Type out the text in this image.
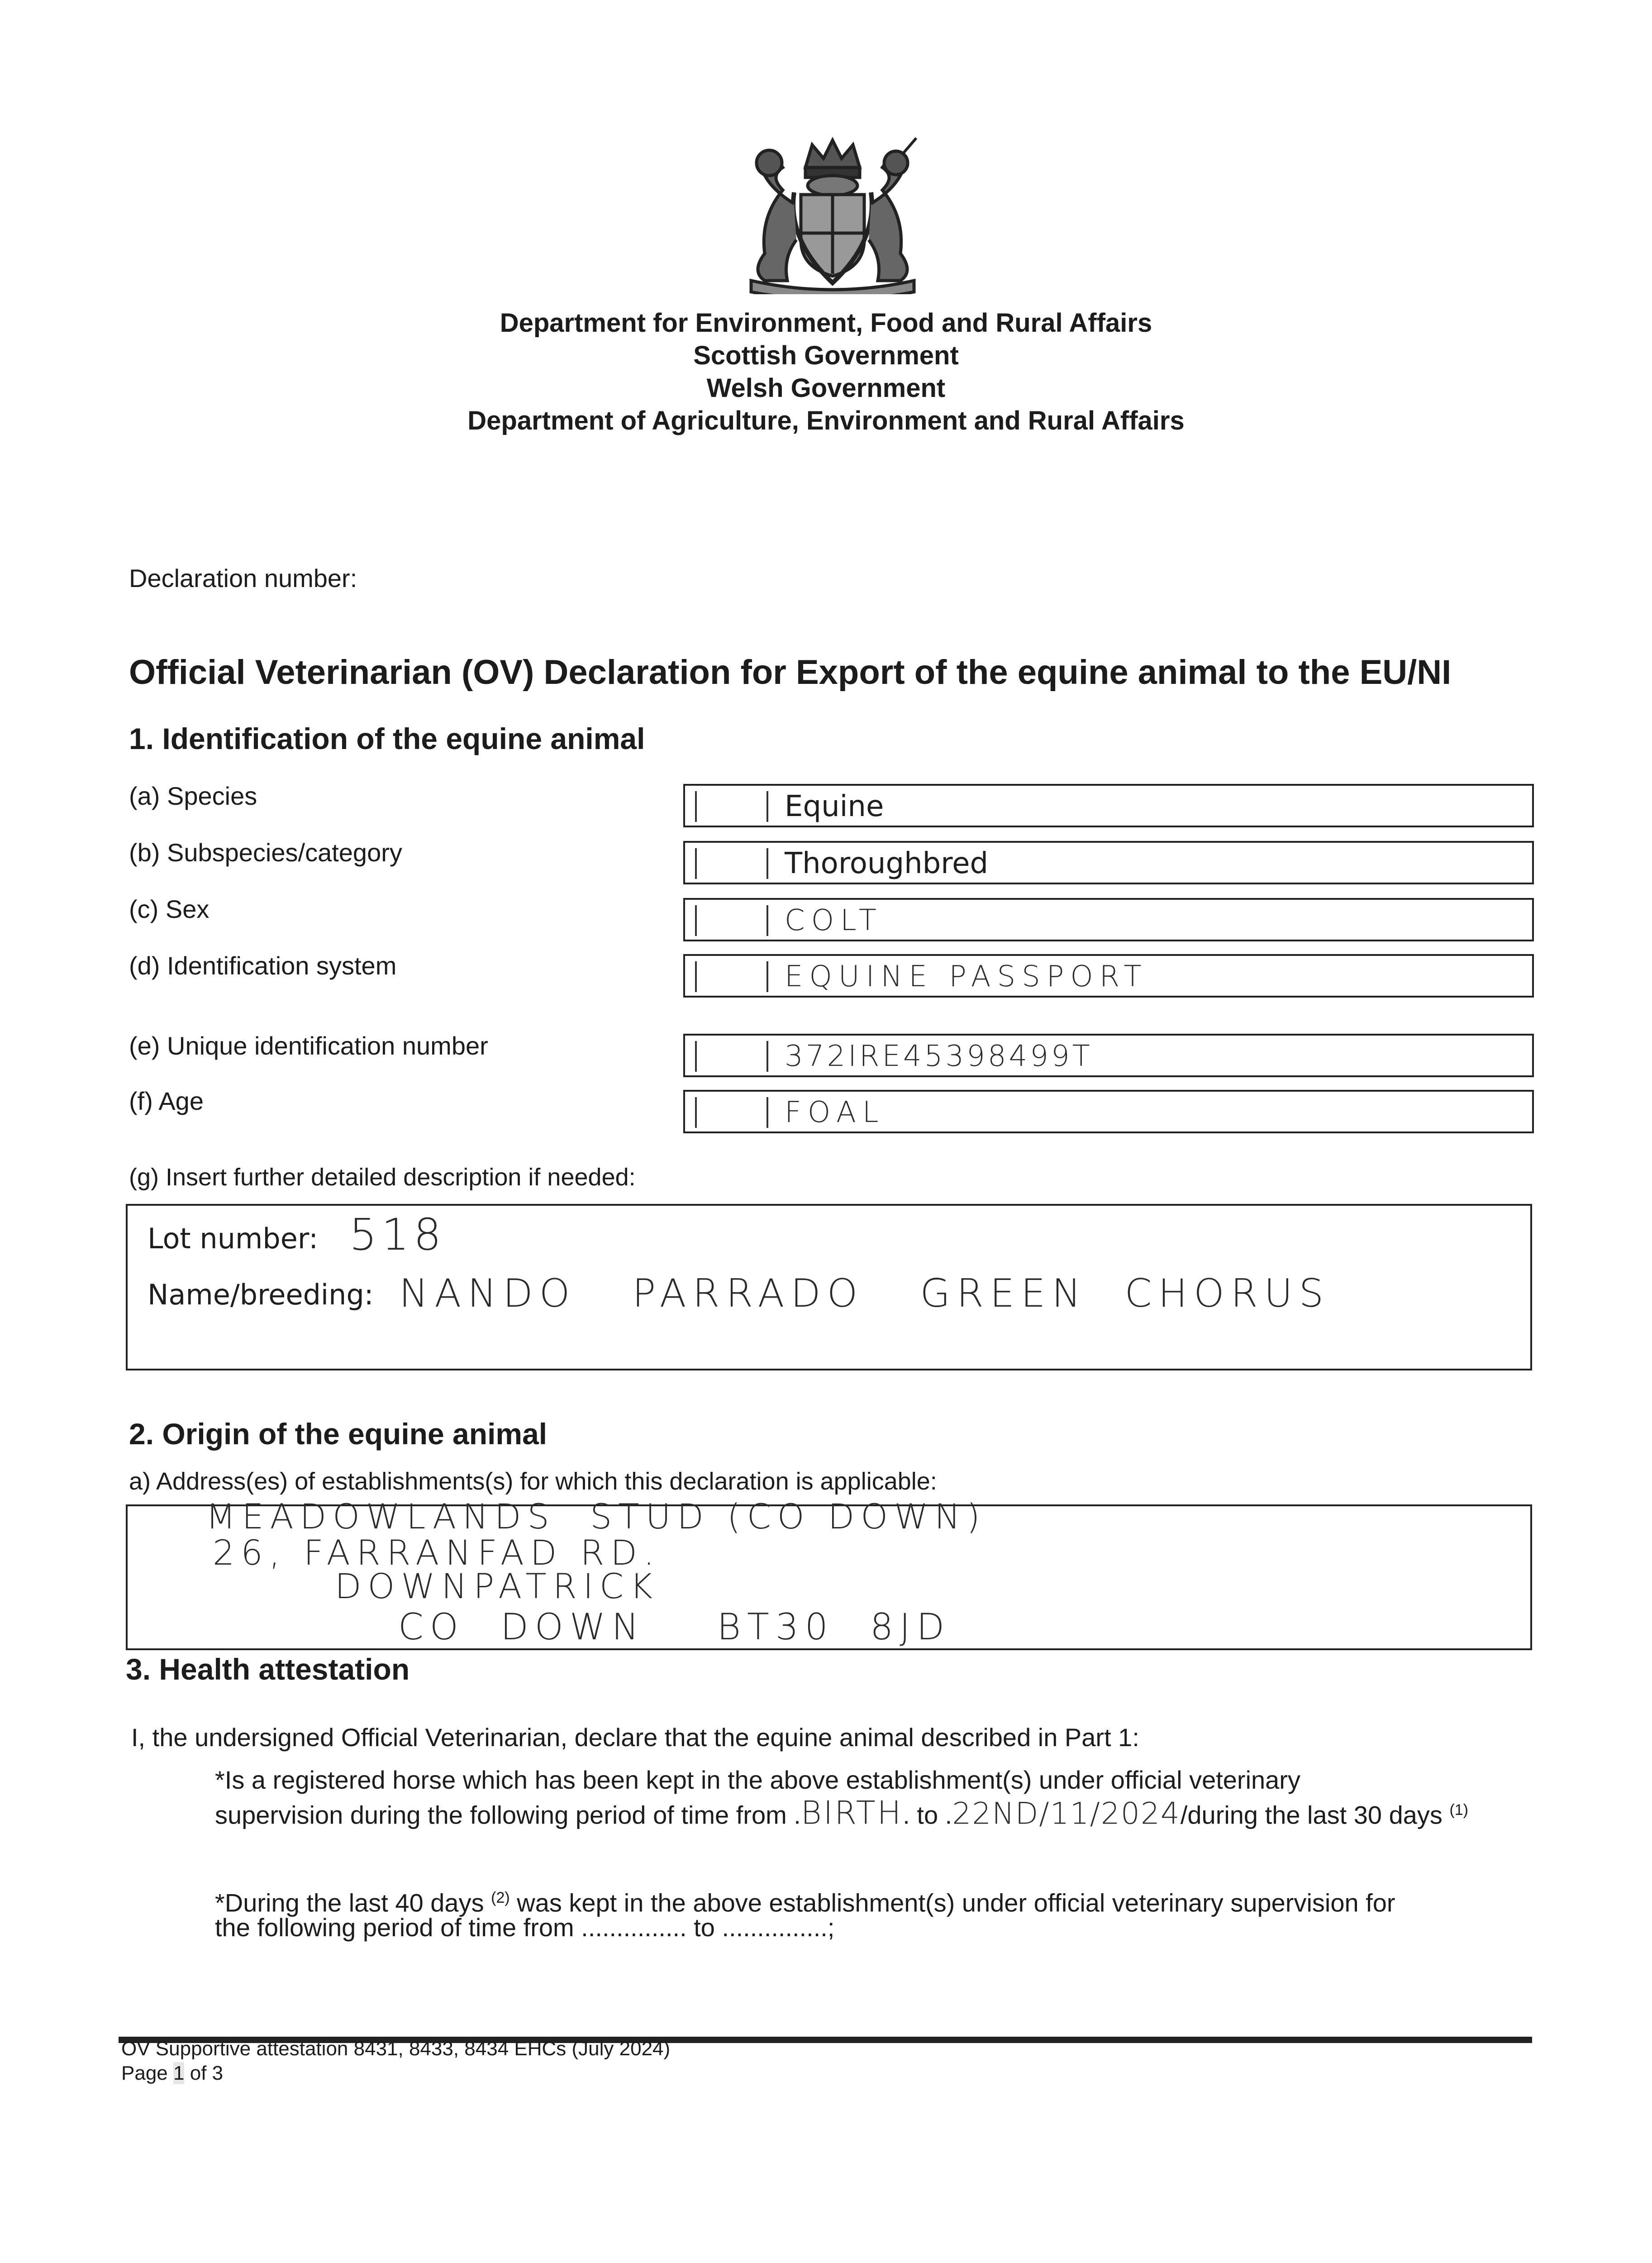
Department for Environment, Food and Rural Affairs
Scottish Government
Welsh Government
Department of Agriculture, Environment and Rural Affairs
Declaration number:
Official Veterinarian (OV) Declaration for Export of the equine animal to the EU/NI
1. Identification of the equine animal
(a) Species	Equine
(b) Subspecies/category	Thoroughbred
(c) Sex	COLT
(d) Identification system	EQUINE PASSPORT
(e) Unique identification number	372IRE45398499T
(f) Age	FOAL
(g) Insert further detailed description if needed:
Lot number: 518
Name/breeding: NANDO   PARRADO   GREEN  CHORUS
2. Origin of the equine animal
a) Address(es) of establishments(s) for which this declaration is applicable:
MEADOWLANDS  STUD (CO DOWN)
26, FARRANFAD RD.
DOWNPATRICK
CO DOWN  BT30 8JD
3. Health attestation
I, the undersigned Official Veterinarian, declare that the equine animal described in Part 1:
*Is a registered horse which has been kept in the above establishment(s) under official veterinary
supervision during the following period of time from .BIRTH. to .22ND/11/2024/during the last 30 days $^{(1)}$
*During the last 40 days $^{(2)}$ was kept in the above establishment(s) under official veterinary supervision for
the following period of time from ............... to ...............;
OV Supportive attestation 8431, 8433, 8434 EHCs (July 2024)
Page 1 of 3
